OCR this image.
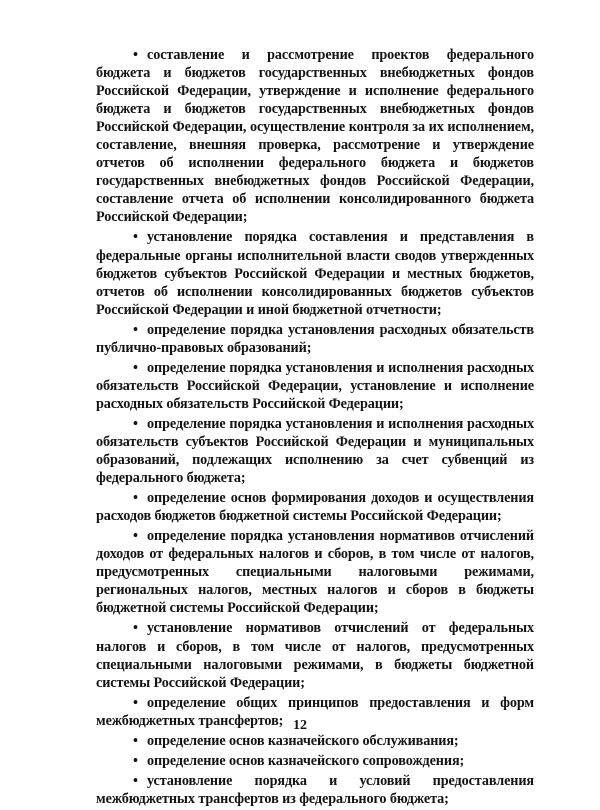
• составление и рассмотрение проектов федерального бюджета и бюджетов государственных внебюджетных фондов Российской Федерации, утверждение и исполнение федерального бюджета и бюджетов государственных внебюджетных фондов Российской Федерации, осуществление контроля за их исполнением, составление, внешняя проверка, рассмотрение и утверждение отчетов об исполнении федерального бюджета и бюджетов государственных внебюджетных фондов Российской Федерации, составление отчета об исполнении консолидированного бюджета Российской Федерации;

• установление порядка составления и представления в федеральные органы исполнительной власти сводов утвержденных бюджетов субъектов Российской Федерации и местных бюджетов, отчетов об исполнении консолидированных бюджетов субъектов Российской Федерации и иной бюджетной отчетности;

• определение порядка установления расходных обязательств публично-правовых образований;

• определение порядка установления и исполнения расходных обязательств Российской Федерации, установление и исполнение расходных обязательств Российской Федерации;

• определение порядка установления и исполнения расходных обязательств субъектов Российской Федерации и муниципальных образований, подлежащих исполнению за счет субвенций из федерального бюджета;

• определение основ формирования доходов и осуществления расходов бюджетов бюджетной системы Российской Федерации;

• определение порядка установления нормативов отчислений доходов от федеральных налогов и сборов, в том числе от налогов, предусмотренных специальными налоговыми режимами, региональных налогов, местных налогов и сборов в бюджеты бюджетной системы Российской Федерации;

• установление нормативов отчислений от федеральных налогов и сборов, в том числе от налогов, предусмотренных специальными налоговыми режимами, в бюджеты бюджетной системы Российской Федерации;

• определение общих принципов предоставления и форм межбюджетных трансфертов;

• определение основ казначейского обслуживания;

• определение основ казначейского сопровождения;

• установление порядка и условий предоставления межбюджетных трансфертов из федерального бюджета;

12
